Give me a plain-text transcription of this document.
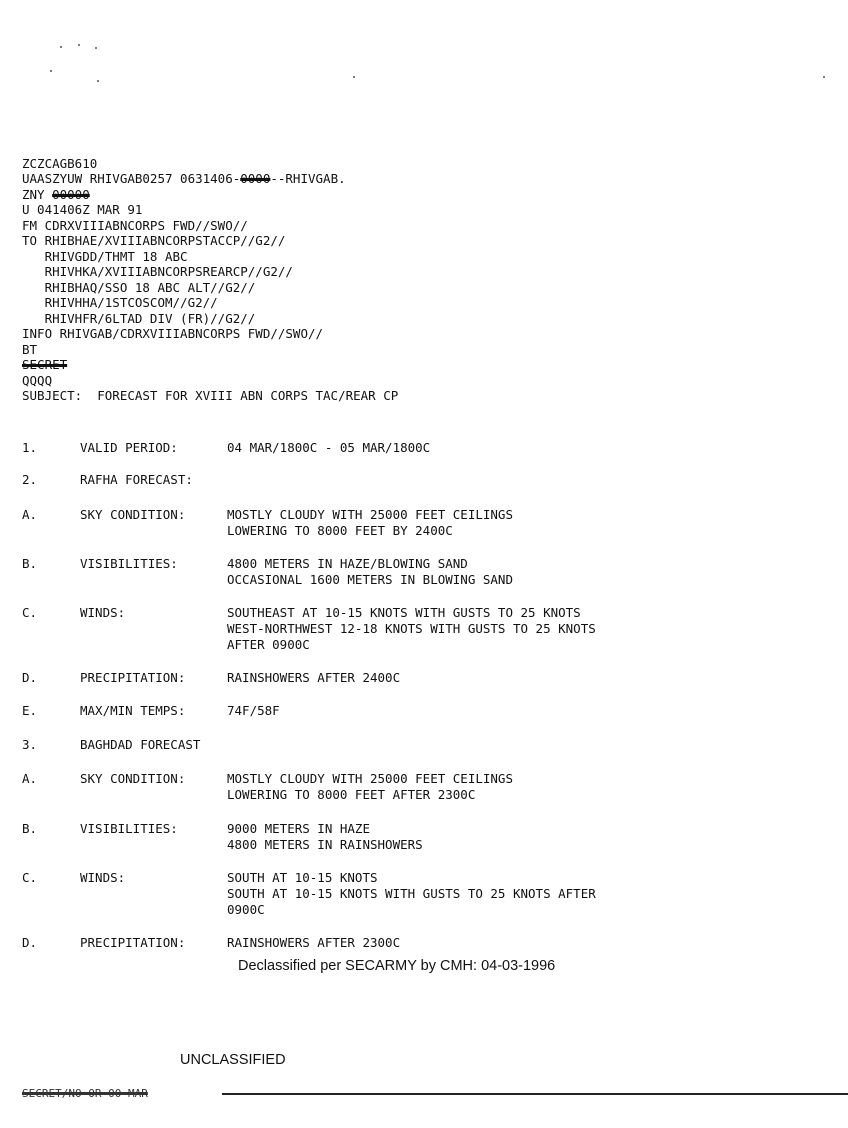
ZCZCAGB610
UAASZYUW RHIVGAB0257 0631406-0000--RHIVGAB.
ZNY 00000
U 041406Z MAR 91
FM CDRXVIIIABNCORPS FWD//SWO//
TO RHIBHAE/XVIIIABNCORPSTACCP//G2//
RHIVGDD/THMT 18 ABC
RHIVHKA/XVIIIABNCORPSREARCP//G2//
RHIBHAQ/SSO 18 ABC ALT//G2//
RHIVHHA/1STCOSCOM//G2//
RHIVHFR/6LTAD DIV (FR)//G2//
INFO RHIVGAB/CDRXVIIIABNCORPS FWD//SWO//
BT
SECRET
QQQQ
SUBJECT:  FORECAST FOR XVIII ABN CORPS TAC/REAR CP
1.	VALID PERIOD:	04 MAR/1800C - 05 MAR/1800C
2.	RAFHA FORECAST:
A.	SKY CONDITION:	MOSTLY CLOUDY WITH 25000 FEET CEILINGS
LOWERING TO 8000 FEET BY 2400C
B.	VISIBILITIES:	4800 METERS IN HAZE/BLOWING SAND
OCCASIONAL 1600 METERS IN BLOWING SAND
C.	WINDS:	SOUTHEAST AT 10-15 KNOTS WITH GUSTS TO 25 KNOTS
WEST-NORTHWEST 12-18 KNOTS WITH GUSTS TO 25 KNOTS
AFTER 0900C
D.	PRECIPITATION:	RAINSHOWERS AFTER 2400C
E.	MAX/MIN TEMPS:	74F/58F
3.	BAGHDAD FORECAST
A.	SKY CONDITION:	MOSTLY CLOUDY WITH 25000 FEET CEILINGS
LOWERING TO 8000 FEET AFTER 2300C
B.	VISIBILITIES:	9000 METERS IN HAZE
4800 METERS IN RAINSHOWERS
C.	WINDS:	SOUTH AT 10-15 KNOTS
SOUTH AT 10-15 KNOTS WITH GUSTS TO 25 KNOTS AFTER
0900C
D.	PRECIPITATION:	RAINSHOWERS AFTER 2300C
Declassified per SECARMY by CMH: 04-03-1996
UNCLASSIFIED
SECRET/NO-OR-00-MAR
